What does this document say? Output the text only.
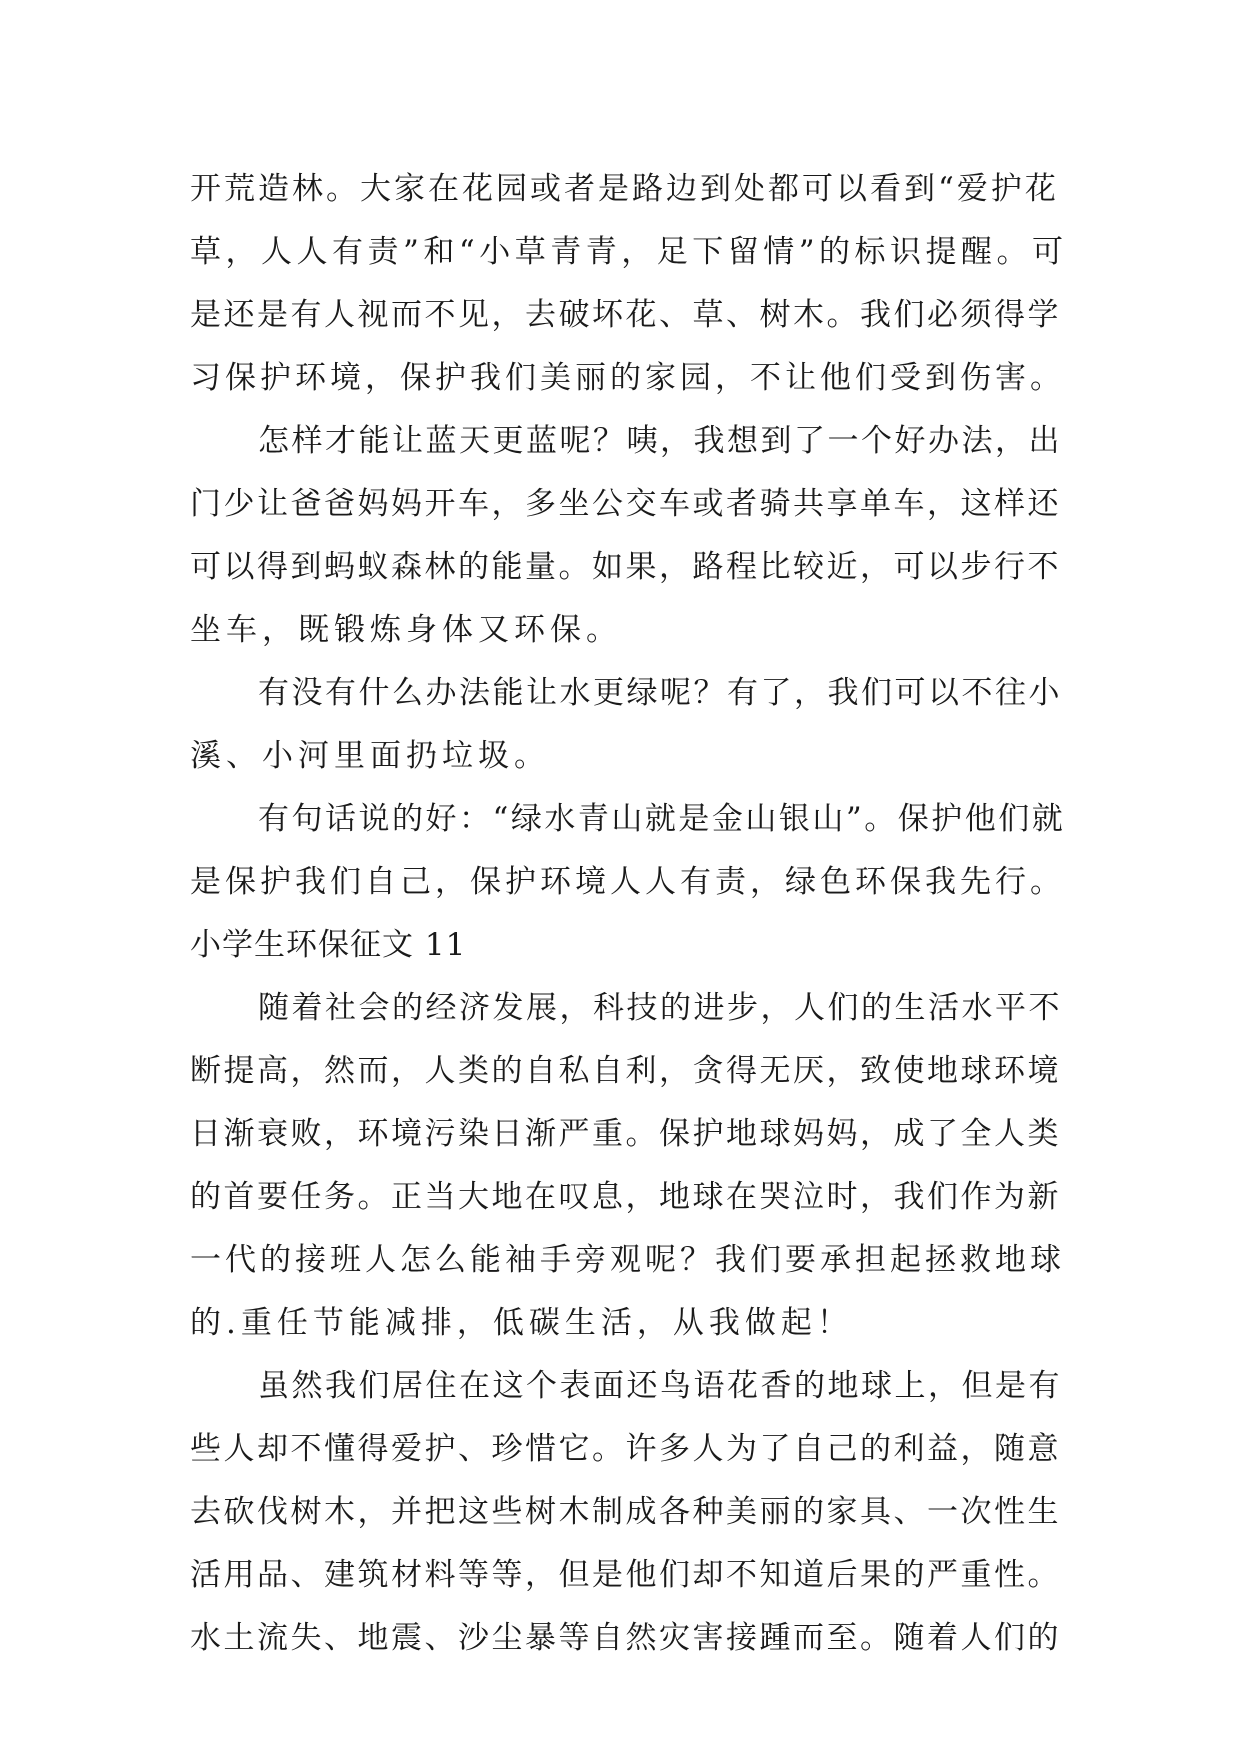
开荒造林。大家在花园或者是路边到处都可以看到“爱护花
草，人人有责”和“小草青青，足下留情”的标识提醒。可
是还是有人视而不见，去破坏花、草、树木。我们必须得学
习保护环境，保护我们美丽的家园，不让他们受到伤害。
怎样才能让蓝天更蓝呢？咦，我想到了一个好办法，出
门少让爸爸妈妈开车，多坐公交车或者骑共享单车，这样还
可以得到蚂蚁森林的能量。如果，路程比较近，可以步行不
坐车，既锻炼身体又环保。
有没有什么办法能让水更绿呢？有了，我们可以不往小
溪、小河里面扔垃圾。
有句话说的好：“绿水青山就是金山银山”。保护他们就
是保护我们自己，保护环境人人有责，绿色环保我先行。
小学生环保征文 11
随着社会的经济发展，科技的进步，人们的生活水平不
断提高，然而，人类的自私自利，贪得无厌，致使地球环境
日渐衰败，环境污染日渐严重。保护地球妈妈，成了全人类
的首要任务。正当大地在叹息，地球在哭泣时，我们作为新
一代的接班人怎么能袖手旁观呢？我们要承担起拯救地球
的.重任节能减排，低碳生活，从我做起！
虽然我们居住在这个表面还鸟语花香的地球上，但是有
些人却不懂得爱护、珍惜它。许多人为了自己的利益，随意
去砍伐树木，并把这些树木制成各种美丽的家具、一次性生
活用品、建筑材料等等，但是他们却不知道后果的严重性。
水土流失、地震、沙尘暴等自然灾害接踵而至。随着人们的
